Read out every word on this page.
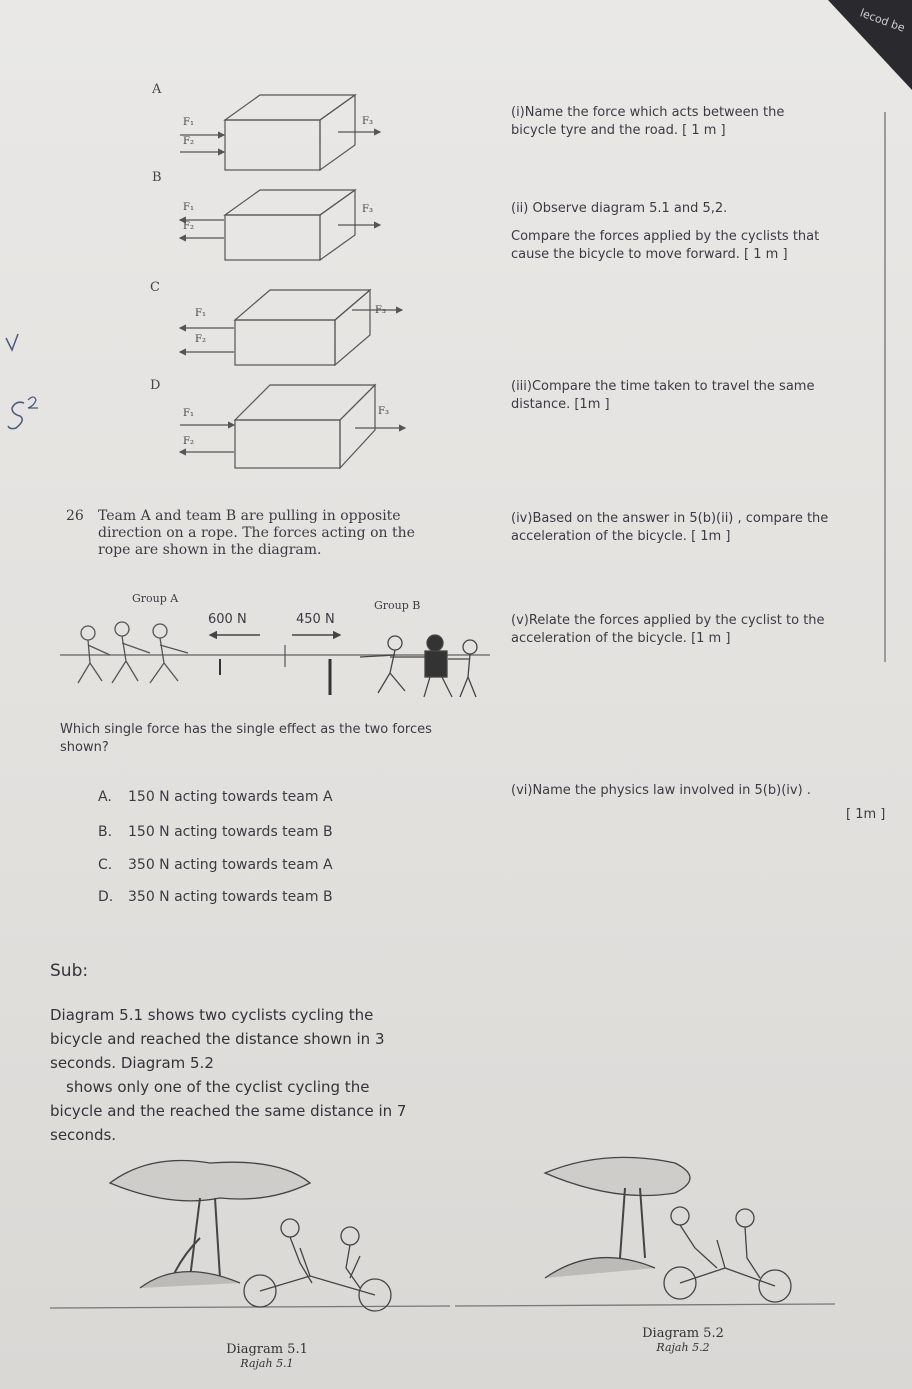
lecod be
A
B
C
D
F₁
F₂
F₃
F₁
F₂
F₃
F₁
F₂
F₃
F₁
F₂
F₃
(i)Name the force which acts between the bicycle tyre and the road. [ 1 m ]
(ii) Observe diagram 5.1 and 5,2.
Compare the forces applied by the cyclists that cause the bicycle to move forward. [ 1 m ]
(iii)Compare the time taken to travel the same distance. [1m ]
(iv)Based on the answer in 5(b)(ii) , compare the acceleration of the bicycle. [ 1m ]
(v)Relate the forces applied by the cyclist to the acceleration of the bicycle. [1 m ]
(vi)Name the physics law involved in 5(b)(iv) .
[ 1m ]
26 Team A and team B are pulling in opposite direction on a rope. The forces acting on the rope are shown in the diagram.
Group A
Group B
600 N	450 N
Which single force has the single effect as the two forces shown?
A. 150 N acting towards team A
B. 150 N acting towards team B
C. 350 N acting towards team A
D. 350 N acting towards team B
Sub:
Diagram 5.1 shows two cyclists cycling the
bicycle and reached the distance shown in 3
seconds. Diagram 5.2
shows only one of the cyclist cycling the
bicycle and the reached the same distance in 7
seconds.
Diagram 5.1
Rajah 5.1
Diagram 5.2
Rajah 5.2
